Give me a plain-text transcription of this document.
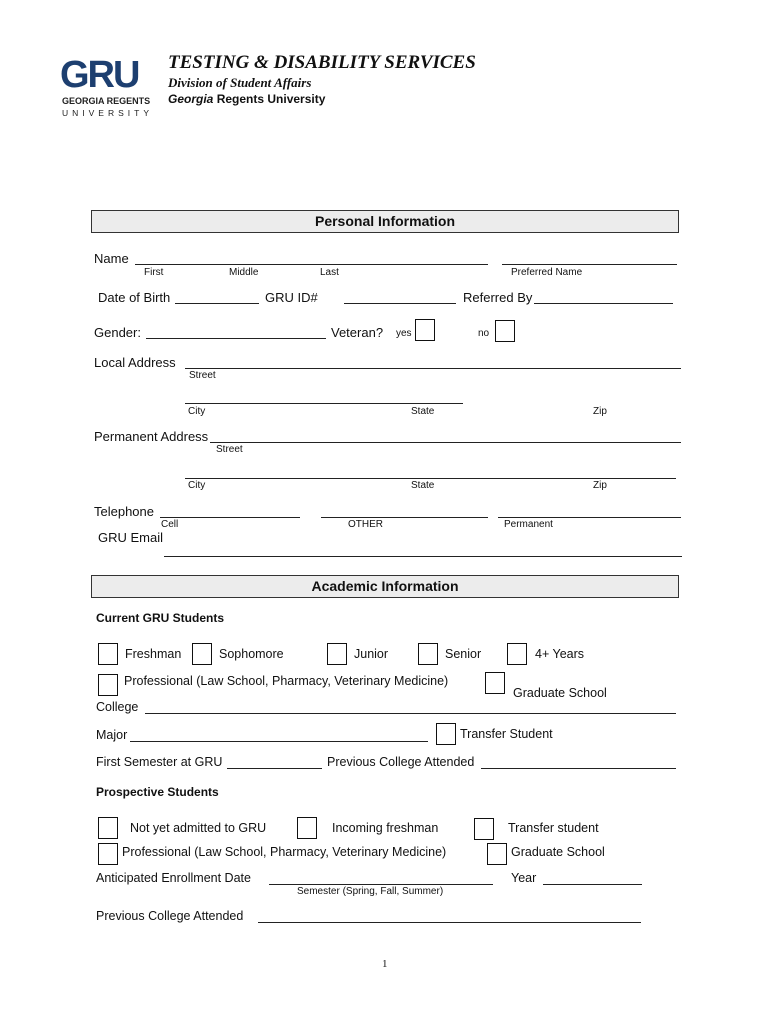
GRU
GEORGIA REGENTS
UNIVERSITY
TESTING & DISABILITY SERVICES
Division of Student Affairs
Georgia Regents University
Personal Information
Name
First	Middle	Last	Preferred Name
Date of Birth	GRU ID#	Referred By
Gender:	Veteran? yes	no
Local Address
Street
City	State	Zip
Permanent Address
Street
City	State	Zip
Telephone
Cell	OTHER	Permanent
GRU Email
Academic Information
Current GRU Students
Freshman	Sophomore	Junior	Senior	4+ Years
Professional (Law School, Pharmacy, Veterinary Medicine)
Graduate School
College
Major	Transfer Student
First Semester at GRU	Previous College Attended
Prospective Students
Not yet admitted to GRU	Incoming freshman	Transfer student
Professional (Law School, Pharmacy, Veterinary Medicine)	Graduate School
Anticipated Enrollment Date
Semester (Spring, Fall, Summer)
Year
Previous College Attended
1
